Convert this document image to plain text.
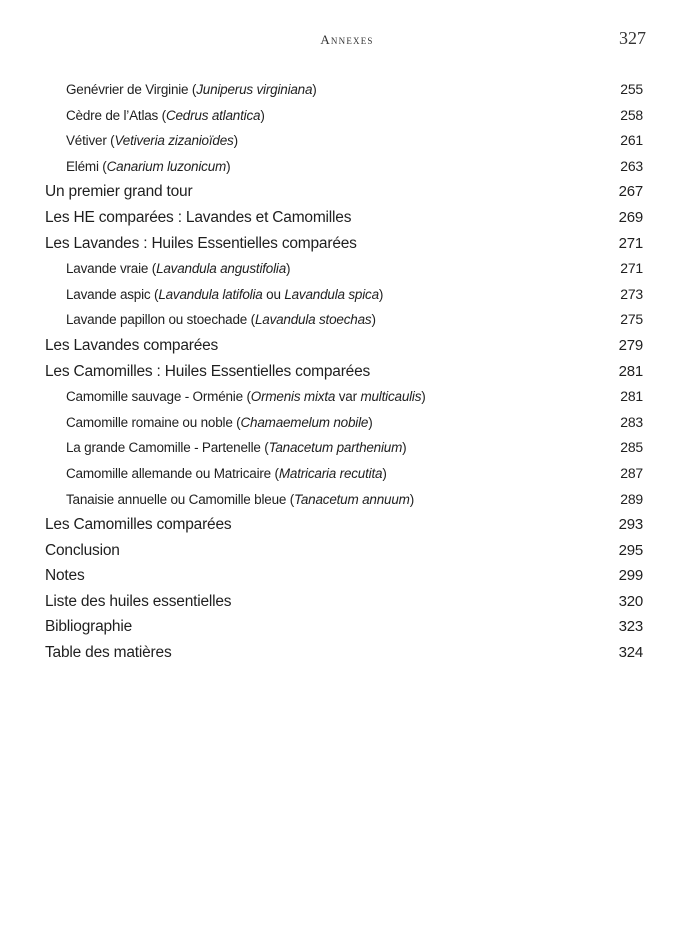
Annexes	327
Genévrier de Virginie (Juniperus virginiana)	255
Cèdre de l’Atlas (Cedrus atlantica)	258
Vétiver (Vetiveria zizanioïdes)	261
Elémi (Canarium luzonicum)	263
Un premier grand tour	267
Les HE comparées : Lavandes et Camomilles	269
Les Lavandes : Huiles Essentielles comparées	271
Lavande vraie (Lavandula angustifolia)	271
Lavande aspic (Lavandula latifolia ou Lavandula spica)	273
Lavande papillon ou stoechade (Lavandula stoechas)	275
Les Lavandes comparées	279
Les Camomilles : Huiles Essentielles comparées	281
Camomille sauvage - Orménie (Ormenis mixta var multicaulis)	281
Camomille romaine ou noble (Chamaemelum nobile)	283
La grande Camomille - Partenelle (Tanacetum parthenium)	285
Camomille allemande ou Matricaire (Matricaria recutita)	287
Tanaisie annuelle ou Camomille bleue (Tanacetum annuum)	289
Les Camomilles comparées	293
Conclusion	295
Notes	299
Liste des huiles essentielles	320
Bibliographie	323
Table des matières	324
